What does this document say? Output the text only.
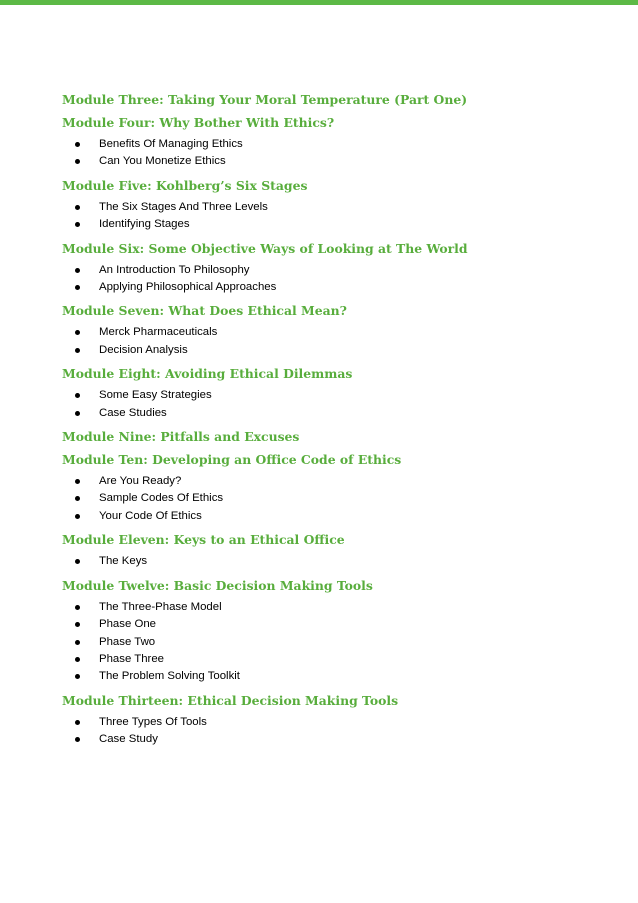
Module Three: Taking Your Moral Temperature (Part One)
Module Four: Why Bother With Ethics?
Benefits Of Managing Ethics
Can You Monetize Ethics
Module Five: Kohlberg’s Six Stages
The Six Stages And Three Levels
Identifying Stages
Module Six: Some Objective Ways of Looking at The World
An Introduction To Philosophy
Applying Philosophical Approaches
Module Seven: What Does Ethical Mean?
Merck Pharmaceuticals
Decision Analysis
Module Eight: Avoiding Ethical Dilemmas
Some Easy Strategies
Case Studies
Module Nine: Pitfalls and Excuses
Module Ten: Developing an Office Code of Ethics
Are You Ready?
Sample Codes Of Ethics
Your Code Of Ethics
Module Eleven: Keys to an Ethical Office
The Keys
Module Twelve: Basic Decision Making Tools
The Three-Phase Model
Phase One
Phase Two
Phase Three
The Problem Solving Toolkit
Module Thirteen: Ethical Decision Making Tools
Three Types Of Tools
Case Study
